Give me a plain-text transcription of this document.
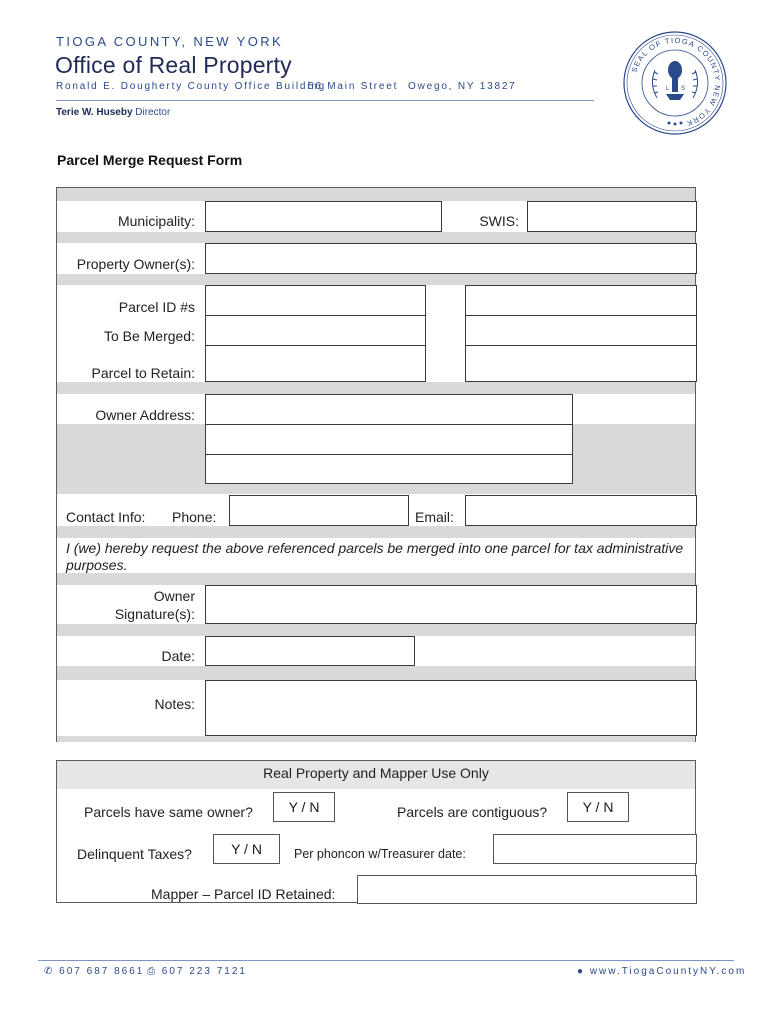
TIOGA COUNTY, NEW YORK
Office of Real Property
Ronald E. Dougherty County Office Building
56 Main Street Owego, NY 13827
Terie W. Huseby Director
SEAL OF TIOGA COUNTY NEW YORK
L S
Parcel Merge Request Form
Municipality:	SWIS:
Property Owner(s):
Parcel ID #s
To Be Merged:
Parcel to Retain:
Owner Address:
Contact Info: Phone:	Email:
I (we) hereby request the above referenced parcels be merged into one parcel for tax administrative purposes.
Owner
Signature(s):
Date:
Notes:
Real Property and Mapper Use Only
Parcels have same owner?	Y / N	Parcels are contiguous?	Y / N
Delinquent Taxes?	Y / N	Per phoncon w/Treasurer date:
Mapper – Parcel ID Retained:
✆ 607 687 8661 ⎙ 607 223 7121	● www.TiogaCountyNY.com
